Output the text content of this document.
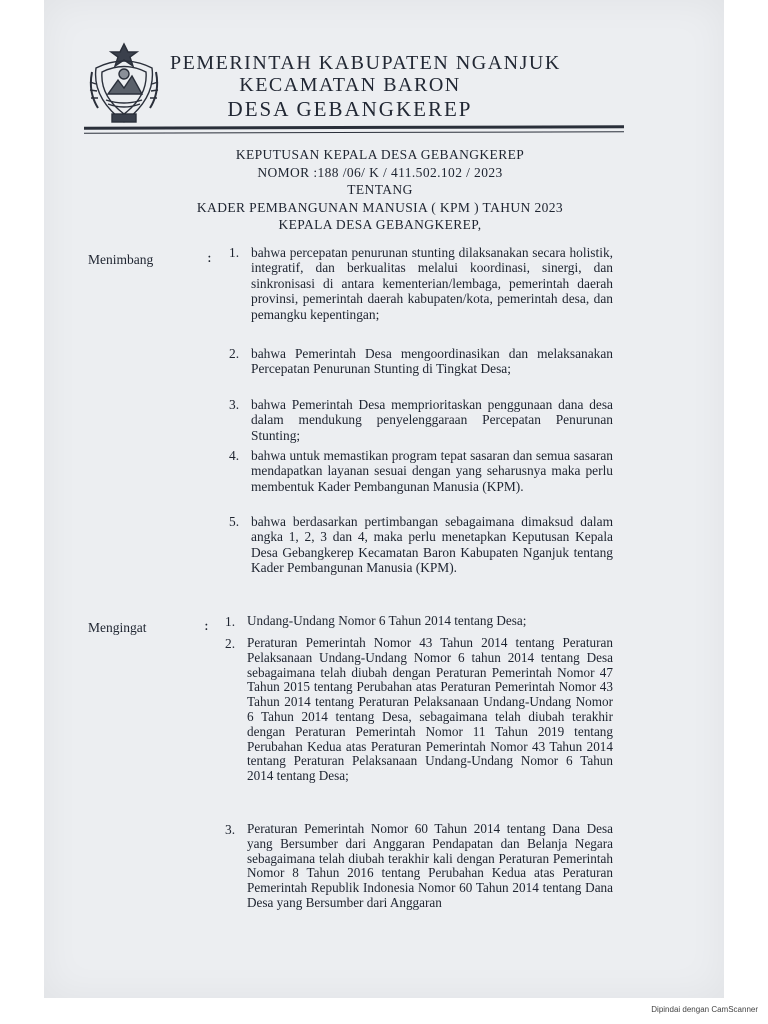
PEMERINTAH KABUPATEN NGANJUK
KECAMATAN BARON
DESA GEBANGKEREP
KEPUTUSAN KEPALA DESA GEBANGKEREP
NOMOR :188 /06/ K / 411.502.102 / 2023
TENTANG
KADER PEMBANGUNAN MANUSIA ( KPM ) TAHUN 2023
KEPALA DESA GEBANGKEREP,
Menimbang	: 1. bahwa percepatan penurunan stunting dilaksanakan secara holistik, integratif, dan berkualitas melalui koordinasi, sinergi, dan sinkronisasi di antara kementerian/lembaga, pemerintah daerah provinsi, pemerintah daerah kabupaten/kota, pemerintah desa, dan pemangku kepentingan;
2. bahwa Pemerintah Desa mengoordinasikan dan melaksanakan Percepatan Penurunan Stunting di Tingkat Desa;
3. bahwa Pemerintah Desa memprioritaskan penggunaan dana desa dalam mendukung penyelenggaraan Percepatan Penurunan Stunting;
4. bahwa untuk memastikan program tepat sasaran dan semua sasaran mendapatkan layanan sesuai dengan yang seharusnya maka perlu membentuk Kader Pembangunan Manusia (KPM).
5. bahwa berdasarkan pertimbangan sebagaimana dimaksud dalam angka 1, 2, 3 dan 4, maka perlu menetapkan Keputusan Kepala Desa Gebangkerep Kecamatan Baron Kabupaten Nganjuk tentang Kader Pembangunan Manusia (KPM).
Mengingat	: 1. Undang-Undang Nomor 6 Tahun 2014 tentang Desa;
2. Peraturan Pemerintah Nomor 43 Tahun 2014 tentang Peraturan Pelaksanaan Undang-Undang Nomor 6 tahun 2014 tentang Desa sebagaimana telah diubah dengan Peraturan Pemerintah Nomor 47 Tahun 2015 tentang Perubahan atas Peraturan Pemerintah Nomor 43 Tahun 2014 tentang Peraturan Pelaksanaan Undang-Undang Nomor 6 Tahun 2014 tentang Desa, sebagaimana telah diubah terakhir dengan Peraturan Pemerintah Nomor 11 Tahun 2019 tentang Perubahan Kedua atas Peraturan Pemerintah Nomor 43 Tahun 2014 tentang Peraturan Pelaksanaan Undang-Undang Nomor 6 Tahun 2014 tentang Desa;
3. Peraturan Pemerintah Nomor 60 Tahun 2014 tentang Dana Desa yang Bersumber dari Anggaran Pendapatan dan Belanja Negara sebagaimana telah diubah terakhir kali dengan Peraturan Pemerintah Nomor 8 Tahun 2016 tentang Perubahan Kedua atas Peraturan Pemerintah Republik Indonesia Nomor 60 Tahun 2014 tentang Dana Desa yang Bersumber dari Anggaran
Dipindai dengan CamScanner
